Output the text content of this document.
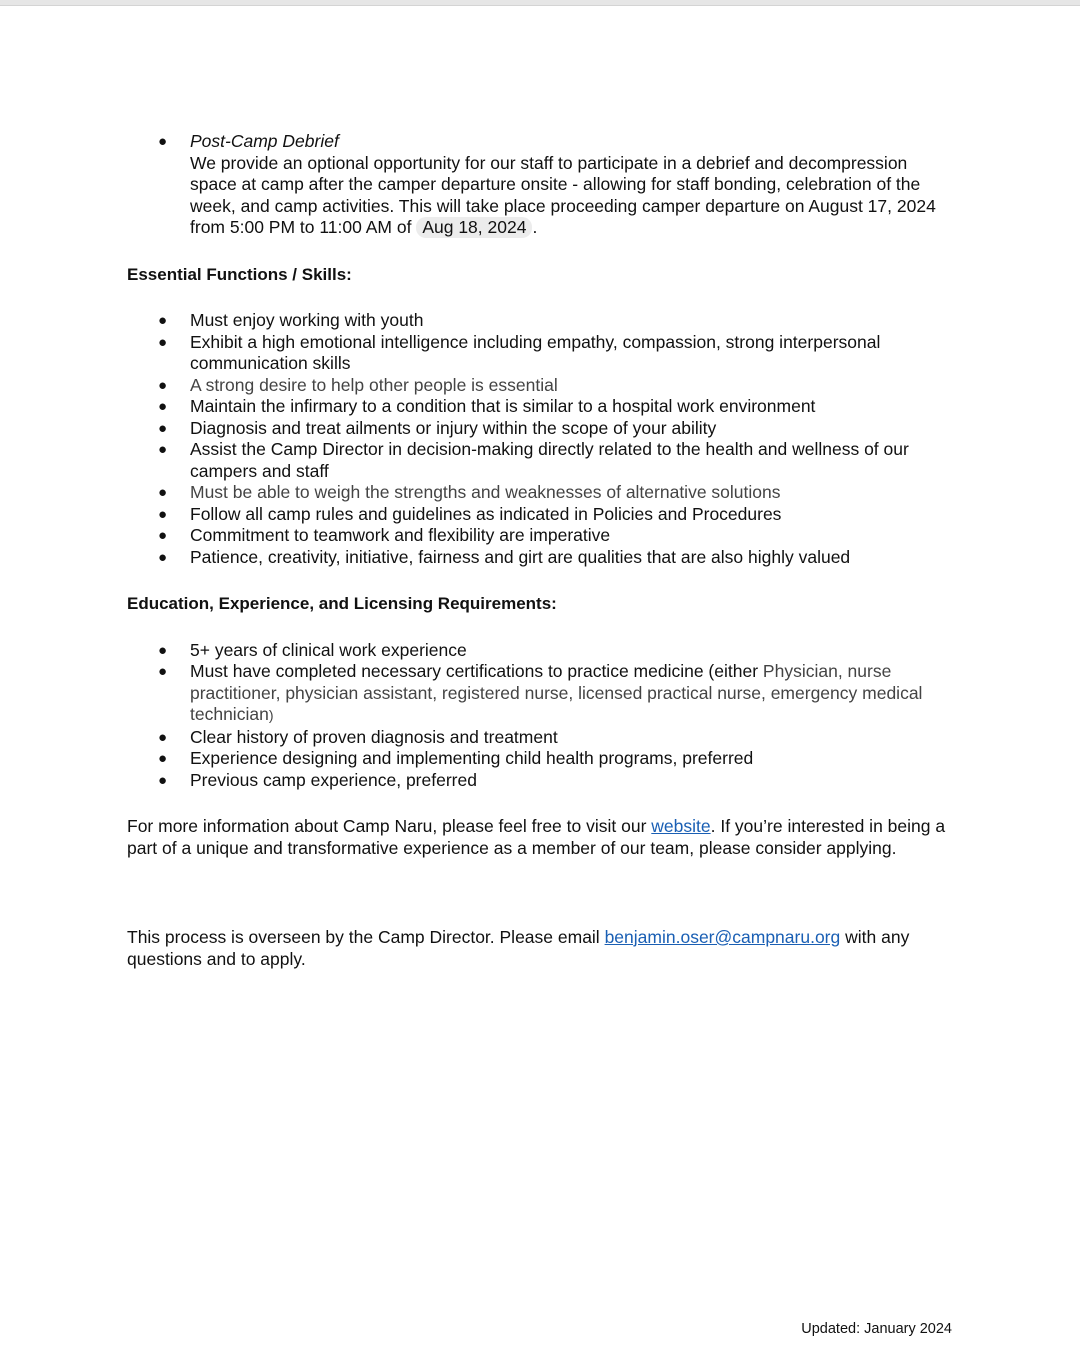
● Post-Camp Debrief
We provide an optional opportunity for our staff to participate in a debrief and decompression space at camp after the camper departure onsite - allowing for staff bonding, celebration of the week, and camp activities. This will take place proceeding camper departure on August 17, 2024 from 5:00 PM to 11:00 AM of Aug 18, 2024 .

Essential Functions / Skills:

● Must enjoy working with youth
● Exhibit a high emotional intelligence including empathy, compassion, strong interpersonal communication skills
● A strong desire to help other people is essential
● Maintain the infirmary to a condition that is similar to a hospital work environment
● Diagnosis and treat ailments or injury within the scope of your ability
● Assist the Camp Director in decision-making directly related to the health and wellness of our campers and staff
● Must be able to weigh the strengths and weaknesses of alternative solutions
● Follow all camp rules and guidelines as indicated in Policies and Procedures
● Commitment to teamwork and flexibility are imperative
● Patience, creativity, initiative, fairness and girt are qualities that are also highly valued

Education, Experience, and Licensing Requirements:

● 5+ years of clinical work experience
● Must have completed necessary certifications to practice medicine (either Physician, nurse practitioner, physician assistant, registered nurse, licensed practical nurse, emergency medical technician)
● Clear history of proven diagnosis and treatment
● Experience designing and implementing child health programs, preferred
● Previous camp experience, preferred

For more information about Camp Naru, please feel free to visit our website. If you’re interested in being a part of a unique and transformative experience as a member of our team, please consider applying.

This process is overseen by the Camp Director. Please email benjamin.oser@campnaru.org with any questions and to apply.

Updated: January 2024
